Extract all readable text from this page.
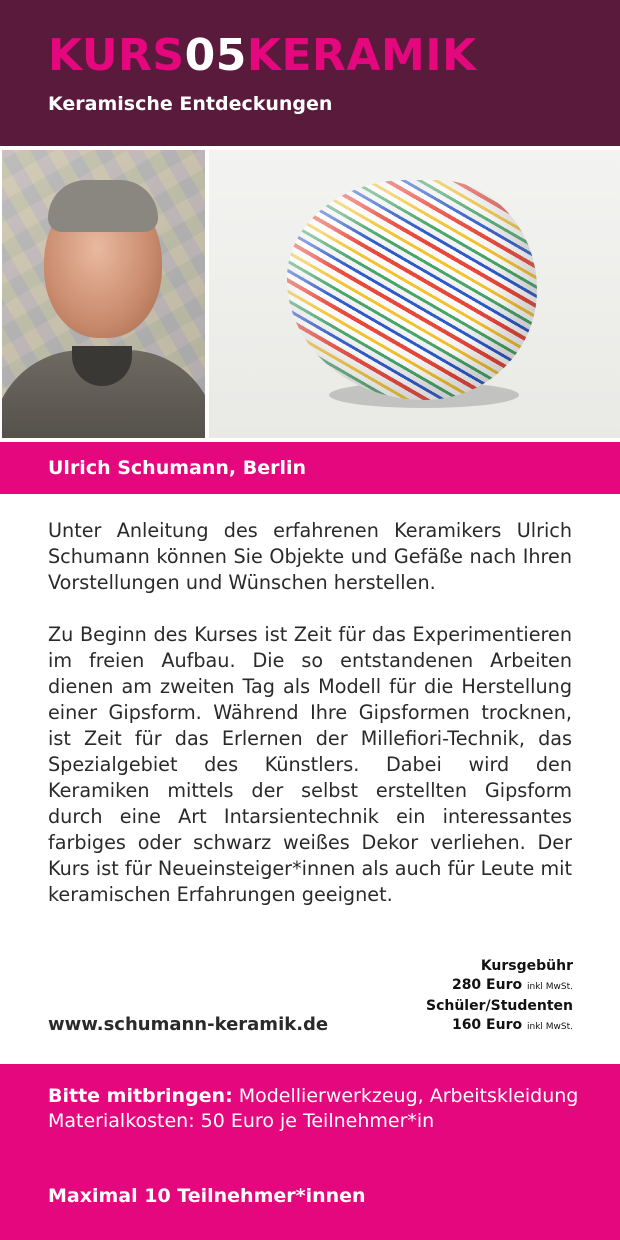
KURS05KERAMIK
Keramische Entdeckungen
Ulrich Schumann, Berlin

Unter Anleitung des erfahrenen Keramikers Ulrich Schumann können Sie Objekte und Gefäße nach Ihren Vorstellungen und Wünschen herstellen.

Zu Beginn des Kurses ist Zeit für das Experimentieren im freien Aufbau. Die so entstandenen Arbeiten dienen am zweiten Tag als Modell für die Herstellung einer Gipsform. Während Ihre Gipsformen trocknen, ist Zeit für das Erlernen der Millefiori-Technik, das Spezialgebiet des Künstlers. Dabei wird den Keramiken mittels der selbst erstellten Gipsform durch eine Art Intarsientechnik ein interessantes farbiges oder schwarz weißes Dekor verliehen. Der Kurs ist für Neueinsteiger*innen als auch für Leute mit keramischen Erfahrungen geeignet.

Kursgebühr
280 Euro inkl MwSt.
Schüler/Studenten
160 Euro inkl MwSt.
www.schumann-keramik.de
Bitte mitbringen: Modellierwerkzeug, Arbeitskleidung
Materialkosten: 50 Euro je Teilnehmer*in
Maximal 10 Teilnehmer*innen
